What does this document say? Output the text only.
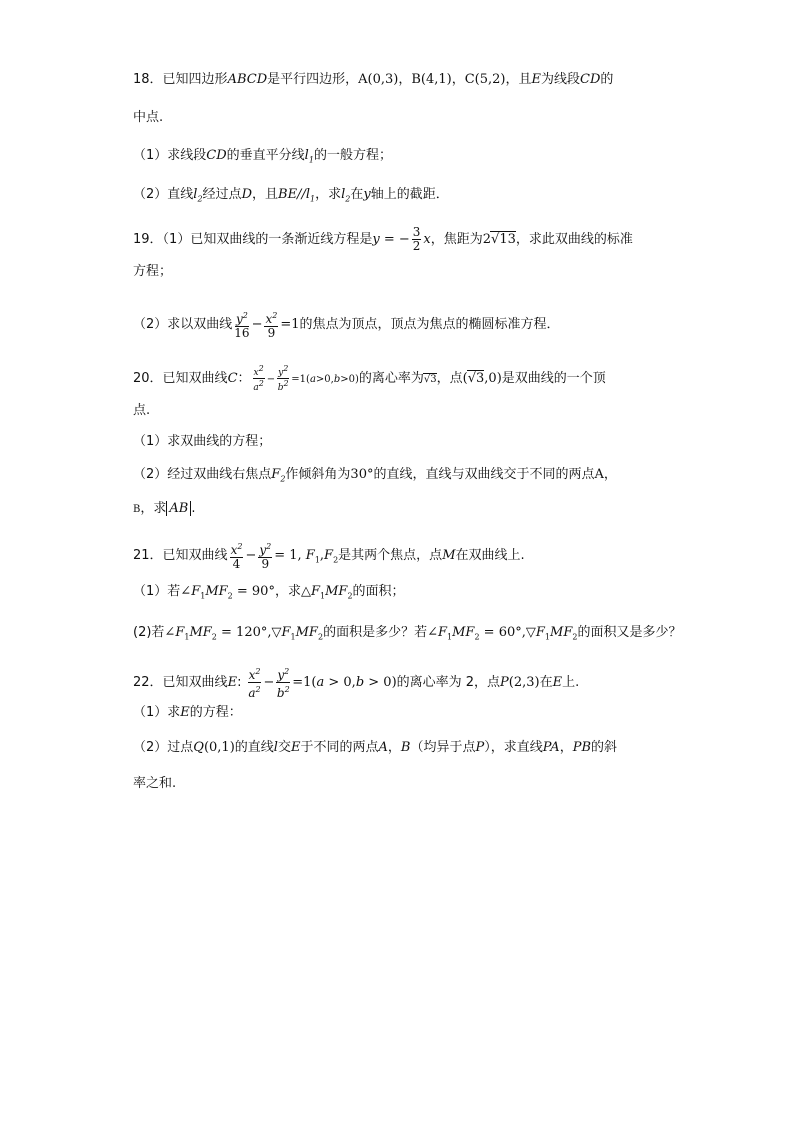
18．已知四边形ABCD是平行四边形，A(0,3)，B(4,1)，C(5,2)，且E为线段CD的
中点.
（1）求线段CD的垂直平分线$l_1$的一般方程；
（2）直线$l_2$经过点D，且$BE//l_1$，求$l_2$在y轴上的截距．
19．（1）已知双曲线的一条渐近线方程是y = − $\frac{3}{2}$ x，焦距为2√13，求此双曲线的标准
方程；
（2）求以双曲线 $\frac{y^2}{16} - \frac{x^2}{9} =1$的焦点为顶点，顶点为焦点的椭圆标准方程．
20．已知双曲线C： $\frac{x^2}{a^2} - \frac{y^2}{b^2} =1(a>0,b>0)$的离心率为√3，点(√3,0)是双曲线的一个顶
点.
（1）求双曲线的方程；
（2）经过双曲线右焦点$F_2$作倾斜角为30°的直线，直线与双曲线交于不同的两点A，
B，求 AB .
21．已知双曲线 $\frac{x^2}{4} - \frac{y^2}{9} = 1$, $F_1,F_2$是其两个焦点，点M在双曲线上.
（1）若$\angle F_1MF_2 = 90^\circ$，求$\triangle F_1MF_2$的面积；
(2)若$\angle F_1MF_2$ = $120^\circ,▽F_1MF_2$的面积是多少？若$\angle F_1MF_2$ = $60^\circ,▽F_1MF_2$的面积又是多少？
22．已知双曲线E: $\frac{x^2}{a^2} - \frac{y^2}{b^2} =1(a > 0,b > 0)$的离心率为 2，点P(2,3)在E上.
（1）求E的方程：
（2）过点Q(0,1)的直线l交E于不同的两点A，B（均异于点P），求直线PA，PB的斜
率之和.
